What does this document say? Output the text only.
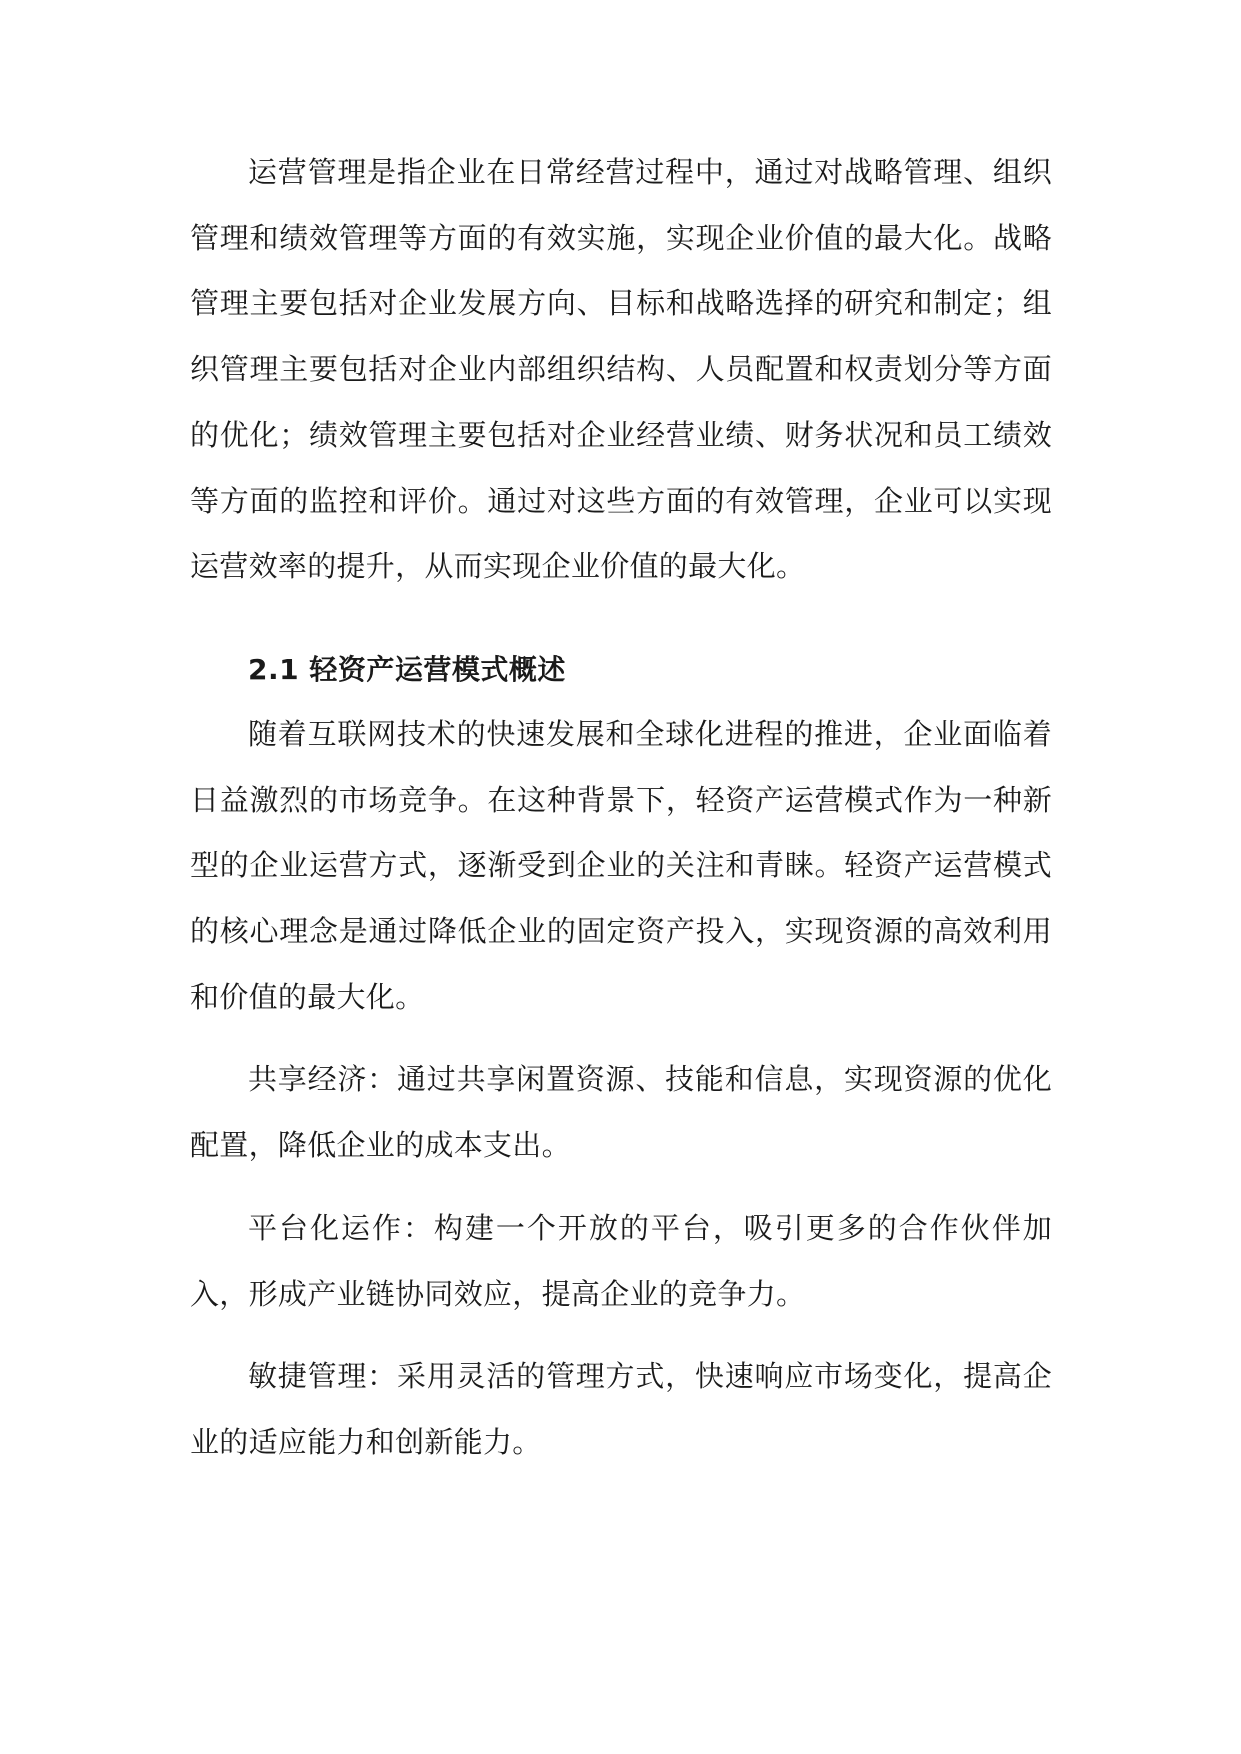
运营管理是指企业在日常经营过程中，通过对战略管理、组织管理和绩效管理等方面的有效实施，实现企业价值的最大化。战略管理主要包括对企业发展方向、目标和战略选择的研究和制定；组织管理主要包括对企业内部组织结构、人员配置和权责划分等方面的优化；绩效管理主要包括对企业经营业绩、财务状况和员工绩效等方面的监控和评价。通过对这些方面的有效管理，企业可以实现运营效率的提升，从而实现企业价值的最大化。

2.1 轻资产运营模式概述

随着互联网技术的快速发展和全球化进程的推进，企业面临着日益激烈的市场竞争。在这种背景下，轻资产运营模式作为一种新型的企业运营方式，逐渐受到企业的关注和青睐。轻资产运营模式的核心理念是通过降低企业的固定资产投入，实现资源的高效利用和价值的最大化。

共享经济：通过共享闲置资源、技能和信息，实现资源的优化配置，降低企业的成本支出。

平台化运作：构建一个开放的平台，吸引更多的合作伙伴加入，形成产业链协同效应，提高企业的竞争力。

敏捷管理：采用灵活的管理方式，快速响应市场变化，提高企业的适应能力和创新能力。
